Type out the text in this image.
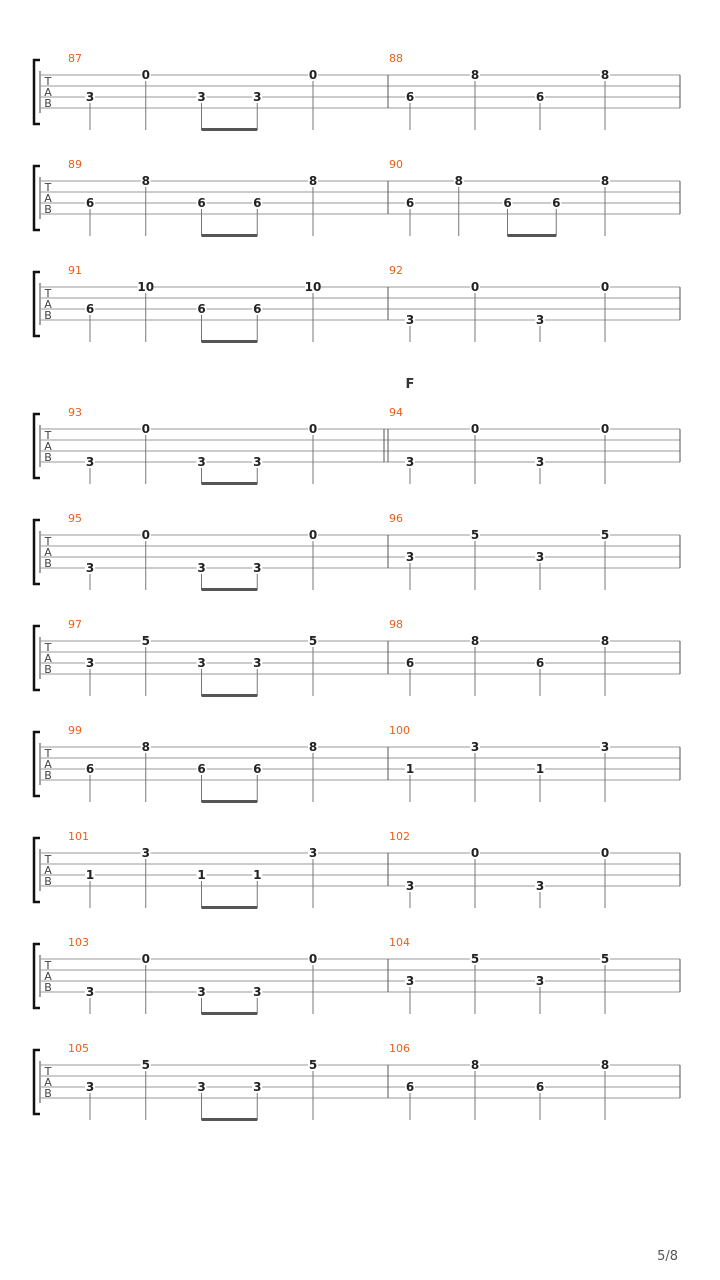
T
A
B
87
3
0
3	3
0
88
6
8
6
8
T
A
B
89
6
8
6	6
8
90
6
8
6	6
8
T
A
B
91
6
10
6	6
10
92
3
0
3
0
F
T
A
B
93
3
0
3	3
0
94
3
0
3
0
T
A
B
95
3
0
3	3
0
96
3
5
3
5
T
A
B
97
3
5
3	3
5
98
6
8
6
8
T
A
B
99
6
8
6	6
8
100
1
3
1
3
T
A
B
101
1
3
1	1
3
102
3
0
3
0
T
A
B
103
3
0
3	3
0
104
3
5
3
5
T
A
B
105
3
5
3	3
5
106
6
8
6
8
5/8
